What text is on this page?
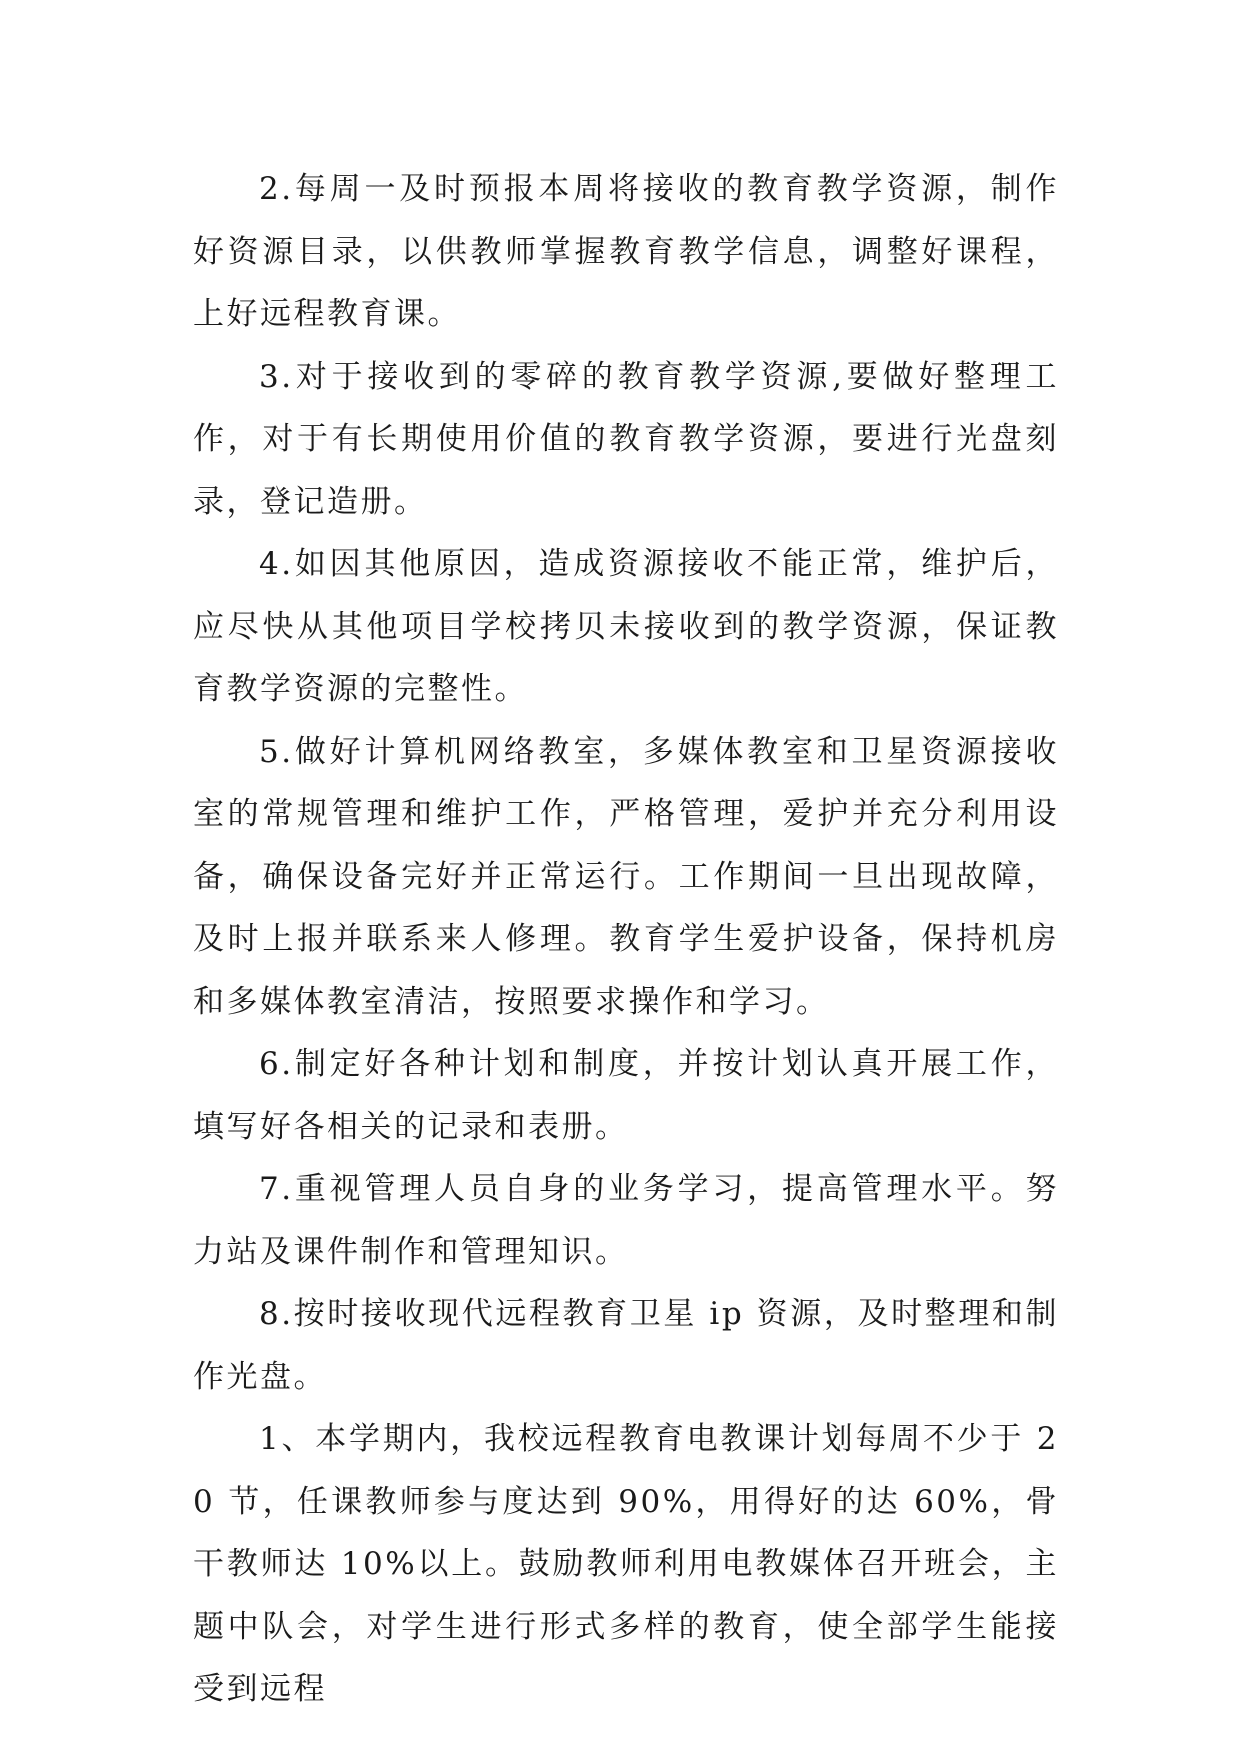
2.每周一及时预报本周将接收的教育教学资源，制作好资源目录，以供教师掌握教育教学信息，调整好课程，上好远程教育课。

3.对于接收到的零碎的教育教学资源,要做好整理工作，对于有长期使用价值的教育教学资源，要进行光盘刻录，登记造册。

4.如因其他原因，造成资源接收不能正常，维护后，应尽快从其他项目学校拷贝未接收到的教学资源，保证教育教学资源的完整性。

5.做好计算机网络教室，多媒体教室和卫星资源接收室的常规管理和维护工作，严格管理，爱护并充分利用设备，确保设备完好并正常运行。工作期间一旦出现故障，及时上报并联系来人修理。教育学生爱护设备，保持机房和多媒体教室清洁，按照要求操作和学习。

6.制定好各种计划和制度，并按计划认真开展工作，填写好各相关的记录和表册。

7.重视管理人员自身的业务学习，提高管理水平。努力站及课件制作和管理知识。

8.按时接收现代远程教育卫星 ip 资源，及时整理和制作光盘。

1、本学期内，我校远程教育电教课计划每周不少于 20 节，任课教师参与度达到 90%，用得好的达 60%，骨干教师达 10%以上。鼓励教师利用电教媒体召开班会，主题中队会，对学生进行形式多样的教育，使全部学生能接受到远程
